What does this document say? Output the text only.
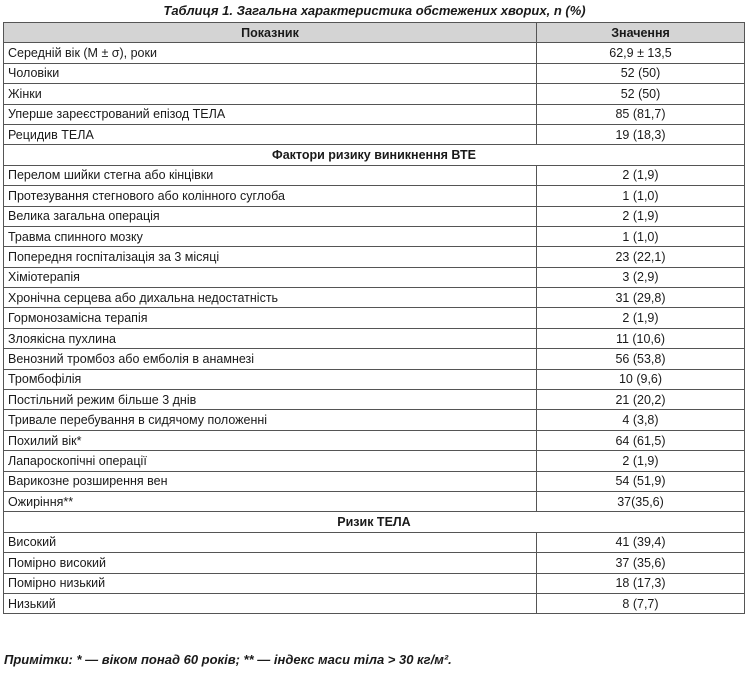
Таблиця 1. Загальна характеристика обстежених хворих, n (%)
Показник	Значення
Середній вік (M ± σ), роки	62,9 ± 13,5
Чоловіки	52 (50)
Жінки	52 (50)
Уперше зареєстрований епізод ТЕЛА	85 (81,7)
Рецидив ТЕЛА	19 (18,3)
Фактори ризику виникнення ВТЕ	
Перелом шийки стегна або кінцівки	2 (1,9)
Протезування стегнового або колінного суглоба	1 (1,0)
Велика загальна операція	2 (1,9)
Травма спинного мозку	1 (1,0)
Попередня госпіталізація за 3 місяці	23 (22,1)
Хіміотерапія	3 (2,9)
Хронічна серцева або дихальна недостатність	31 (29,8)
Гормонозамісна терапія	2 (1,9)
Злоякісна пухлина	11 (10,6)
Венозний тромбоз або емболія в анамнезі	56 (53,8)
Тромбофілія	10 (9,6)
Постільний режим більше 3 днів	21 (20,2)
Тривале перебування в сидячому положенні	4 (3,8)
Похилий вік*	64 (61,5)
Лапароскопічні операції	2 (1,9)
Варикозне розширення вен	54 (51,9)
Ожиріння**	37(35,6)
Ризик ТЕЛА	
Високий	41 (39,4)
Помірно високий	37 (35,6)
Помірно низький	18 (17,3)
Низький	8 (7,7)
Примітки: * — віком понад 60 років; ** — індекс маси тіла > 30 кг/м².
